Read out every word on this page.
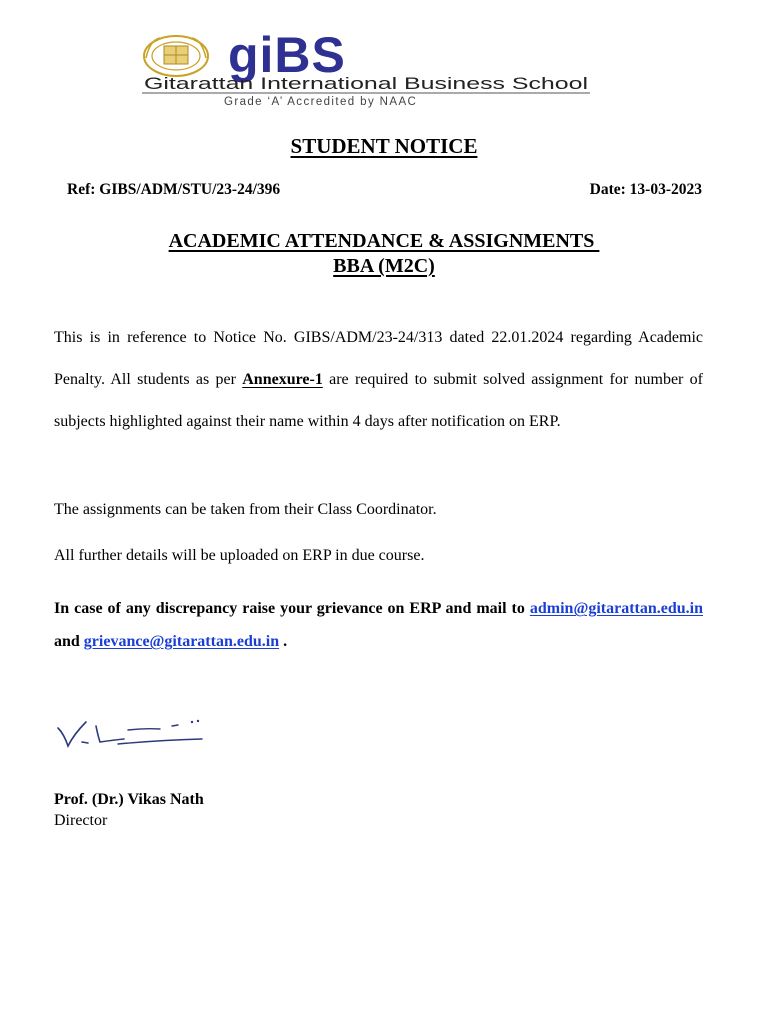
giBS
Gitarattan International Business School
Grade ‘A’ Accredited by NAAC
STUDENT NOTICE
Ref: GIBS/ADM/STU/23-24/396	Date: 13-03-2023
ACADEMIC ATTENDANCE & ASSIGNMENTS
BBA (M2C)
This is in reference to Notice No. GIBS/ADM/23-24/313 dated 22.01.2024 regarding Academic Penalty. All students as per Annexure-1 are required to submit solved assignment for number of subjects highlighted against their name within 4 days after notification on ERP.
The assignments can be taken from their Class Coordinator.
All further details will be uploaded on ERP in due course.
In case of any discrepancy raise your grievance on ERP and mail to admin@gitarattan.edu.in and grievance@gitarattan.edu.in .
Prof. (Dr.) Vikas Nath
Director
